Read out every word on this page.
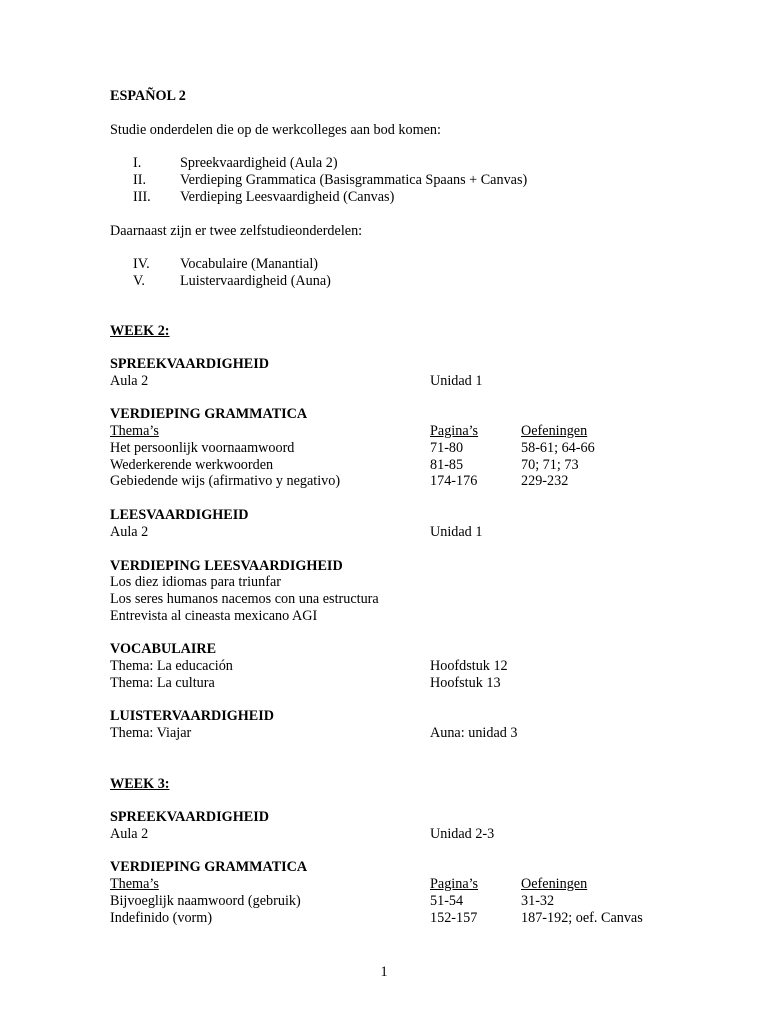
ESPAÑOL 2
Studie onderdelen die op de werkcolleges aan bod komen:
I.	Spreekvaardigheid (Aula 2)
II. Verdieping Grammatica (Basisgrammatica Spaans + Canvas)
III. Verdieping Leesvaardigheid (Canvas)
Daarnaast zijn er twee zelfstudieonderdelen:
IV. Vocabulaire (Manantial)
V. Luistervaardigheid (Auna)
WEEK 2:
SPREEKVAARDIGHEID
Aula 2	Unidad 1
VERDIEPING GRAMMATICA
Thema’s	Pagina’s	Oefeningen
Het persoonlijk voornaamwoord	71-80	58-61; 64-66
Wederkerende werkwoorden	81-85	70; 71; 73
Gebiedende wijs (afirmativo y negativo)	174-176	229-232
LEESVAARDIGHEID
Aula 2	Unidad 1
VERDIEPING LEESVAARDIGHEID
Los diez idiomas para triunfar
Los seres humanos nacemos con una estructura
Entrevista al cineasta mexicano AGI
VOCABULAIRE
Thema: La educación	Hoofdstuk 12
Thema: La cultura	Hoofstuk 13
LUISTERVAARDIGHEID
Thema: Viajar	Auna: unidad 3
WEEK 3:
SPREEKVAARDIGHEID
Aula 2	Unidad 2-3
VERDIEPING GRAMMATICA
Thema’s	Pagina’s	Oefeningen
Bijvoeglijk naamwoord (gebruik)	51-54	31-32
Indefinido (vorm)	152-157	187-192; oef. Canvas
1
